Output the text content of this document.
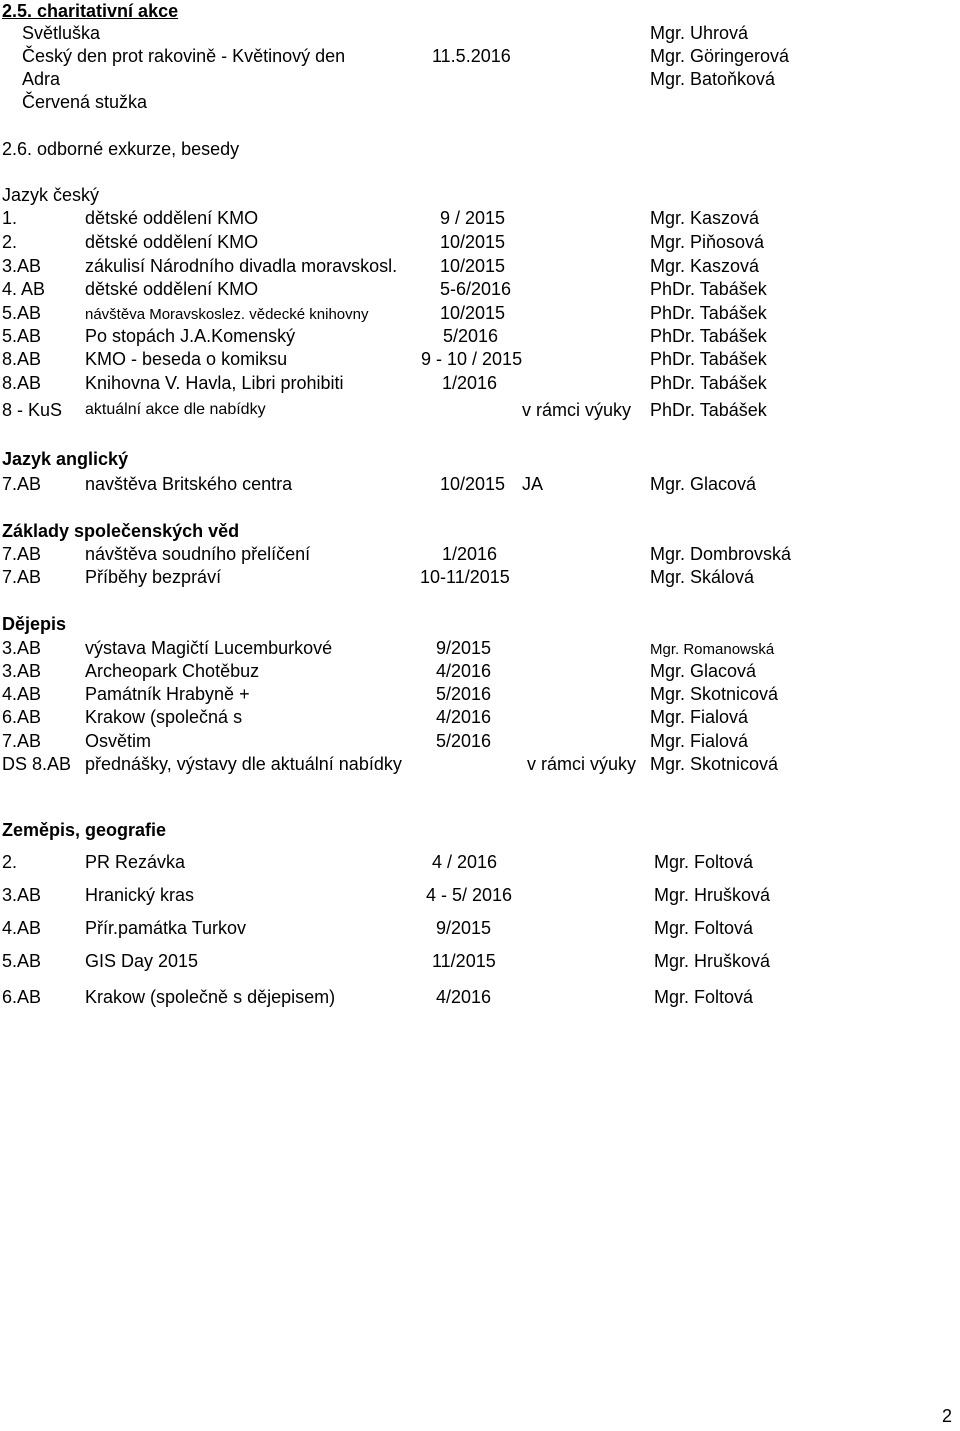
2.5. charitativní akce
Světluška	Mgr. Uhrová
Český den prot rakovině - Květinový den	11.5.2016	Mgr. Göringerová
Adra	Mgr. Batoňková
Červená stužka
2.6. odborné exkurze, besedy
Jazyk český
1.	dětské oddělení KMO	9 / 2015	Mgr. Kaszová
2.	dětské oddělení KMO	10/2015	Mgr. Piňosová
3.AB zákulisí Národního divadla moravskosl. 10/2015	Mgr. Kaszová
4. AB dětské oddělení KMO	5-6/2016	PhDr. Tabášek
5.AB	návštěva Moravskoslez. vědecké knihovny	10/2015	PhDr. Tabášek
5.AB Po stopách J.A.Komenský	5/2016	PhDr. Tabášek
8.AB KMO - beseda o komiksu	9 - 10 / 2015	PhDr. Tabášek
8.AB Knihovna V. Havla, Libri prohibiti	1/2016	PhDr. Tabášek
8 - KuS aktuální akce dle nabídky	v rámci výuky PhDr. Tabášek
Jazyk anglický
7.AB navštěva Britského centra	10/2015 JA	Mgr. Glacová
Základy společenských věd
7.AB návštěva soudního přelíčení	1/2016	Mgr. Dombrovská
7.AB Příběhy bezpráví	10-11/2015	Mgr. Skálová
Dějepis
3.AB výstava Magičtí Lucemburkové	9/2015	Mgr. Romanowská
3.AB Archeopark Chotěbuz	4/2016	Mgr. Glacová
4.AB Památník Hrabyně +	5/2016	Mgr. Skotnicová
6.AB Krakow (společná s	4/2016	Mgr. Fialová
7.AB Osvětim	5/2016	Mgr. Fialová
DS 8.AB přednášky, výstavy dle aktuální nabídky	v rámci výuky Mgr. Skotnicová
Zeměpis, geografie
2.	PR Rezávka	4 / 2016	Mgr. Foltová
3.AB Hranický kras	4 - 5/ 2016	Mgr. Hrušková
4.AB Přír.památka Turkov	9/2015	Mgr. Foltová
5.AB GIS Day 2015	11/2015	Mgr. Hrušková
6.AB Krakow (společně s dějepisem)	4/2016	Mgr. Foltová
2
